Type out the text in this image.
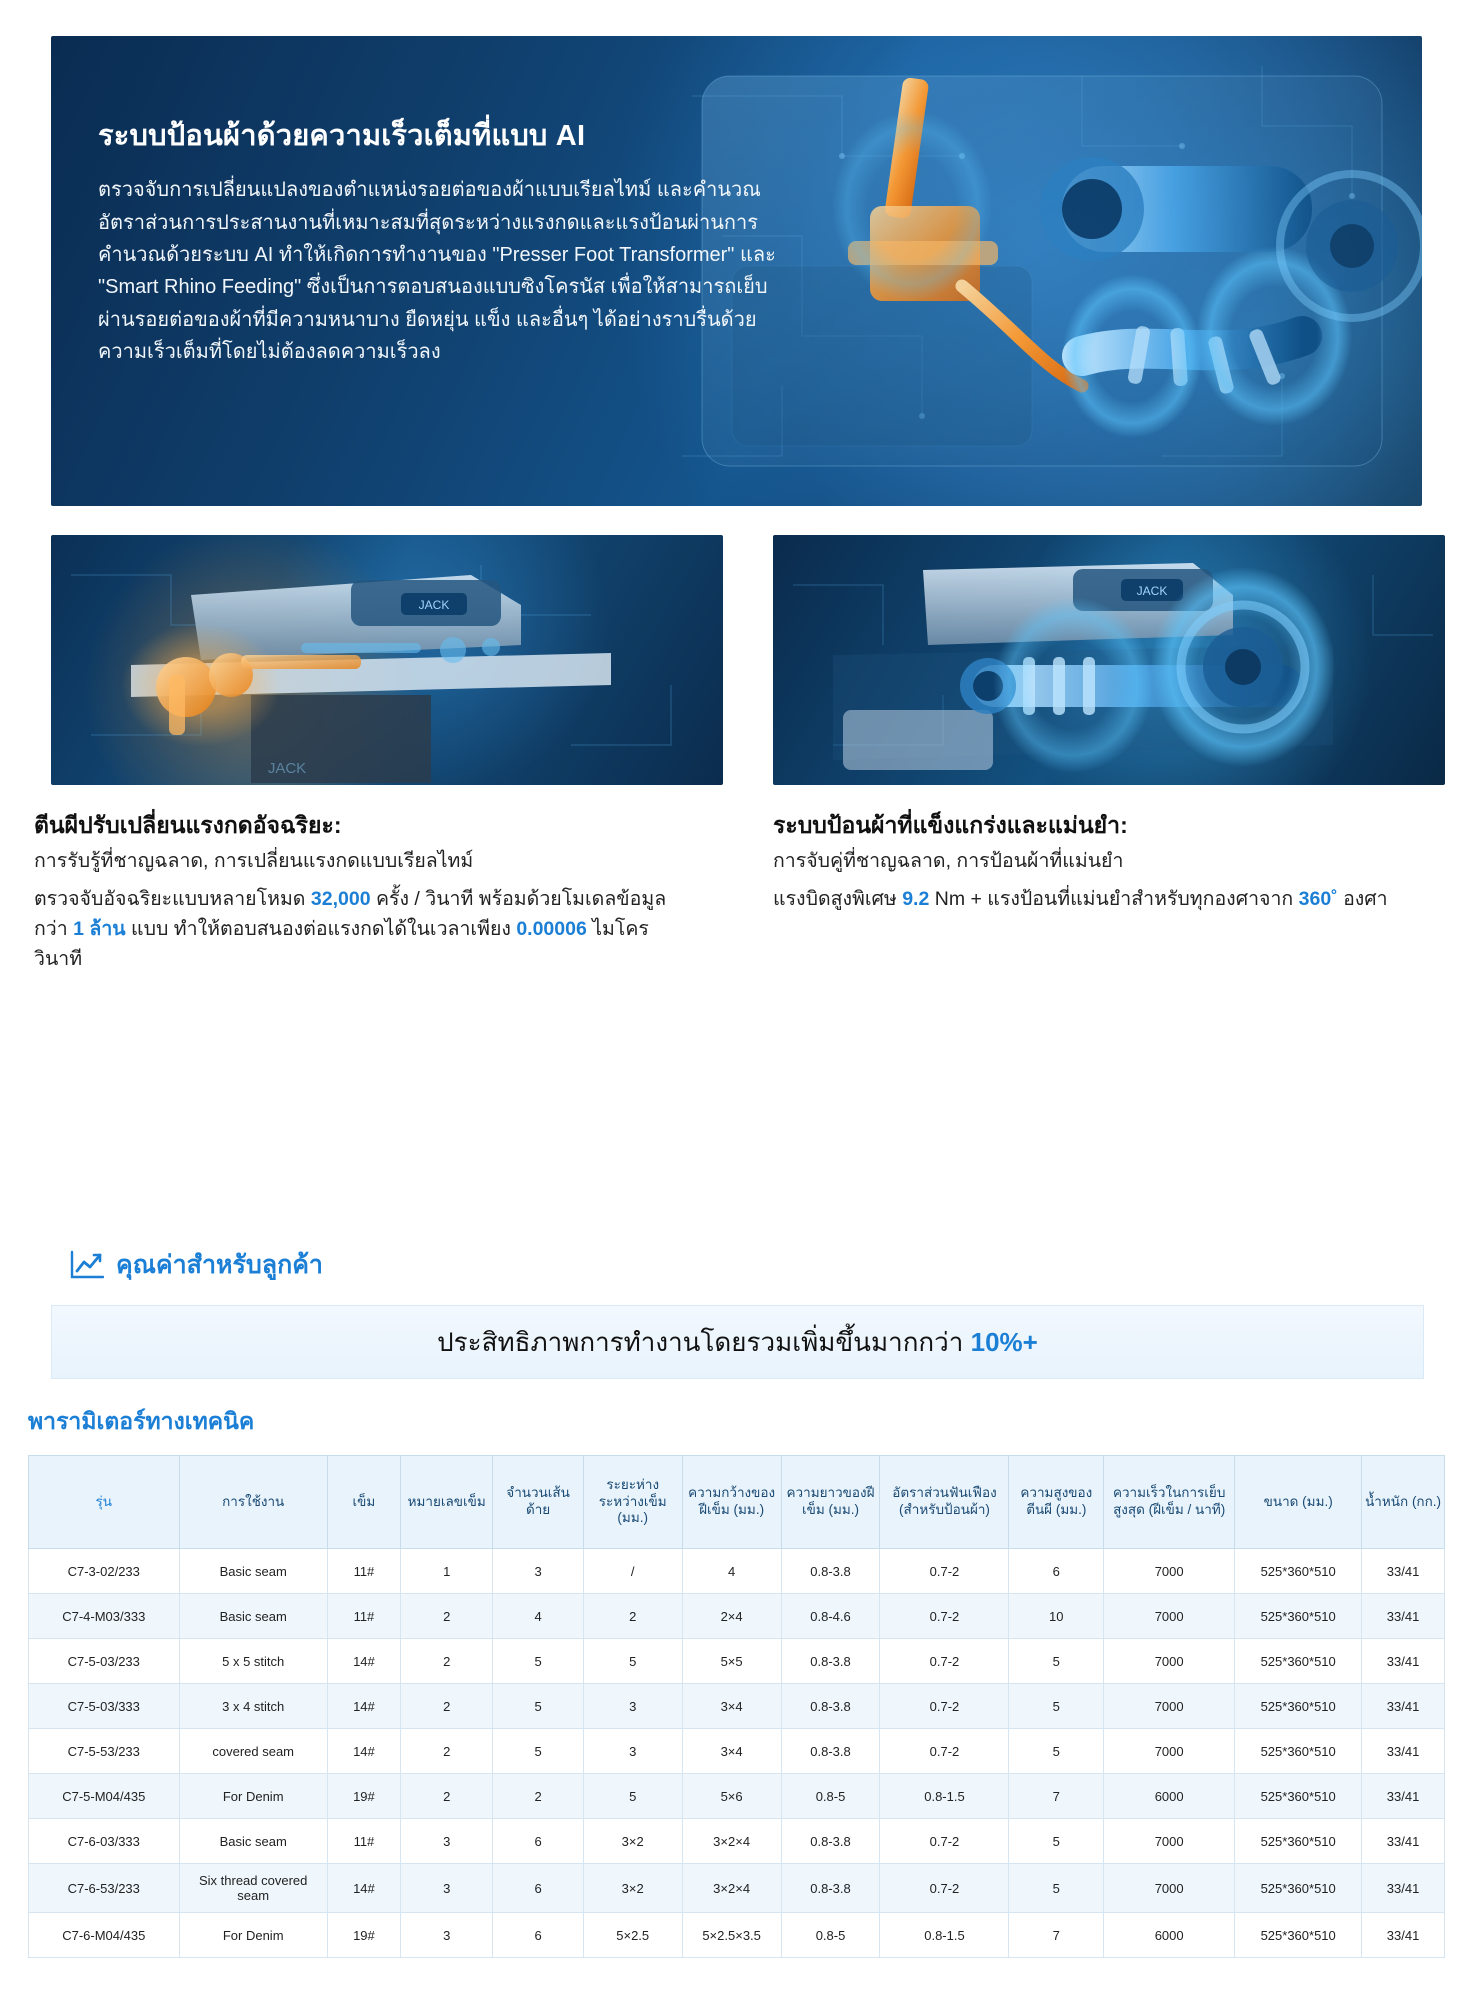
ระบบป้อนผ้าด้วยความเร็วเต็มที่แบบ AI

ตรวจจับการเปลี่ยนแปลงของตำแหน่งรอยต่อของผ้าแบบเรียลไทม์ และคำนวณอัตราส่วนการประสานงานที่เหมาะสมที่สุดระหว่างแรงกดและแรงป้อนผ่านการคำนวณด้วยระบบ AI ทำให้เกิดการทำงานของ "Presser Foot Transformer" และ "Smart Rhino Feeding" ซึ่งเป็นการตอบสนองแบบซิงโครนัส เพื่อให้สามารถเย็บผ่านรอยต่อของผ้าที่มีความหนาบาง ยืดหยุ่น แข็ง และอื่นๆ ได้อย่างราบรื่นด้วยความเร็วเต็มที่โดยไม่ต้องลดความเร็วลง

JACK
JACK
JACK
ตีนผีปรับเปลี่ยนแรงกดอัจฉริยะ:
การรับรู้ที่ชาญฉลาด, การเปลี่ยนแรงกดแบบเรียลไทม์
ตรวจจับอัจฉริยะแบบหลายโหมด 32,000 ครั้ง / วินาที พร้อมด้วยโมเดลข้อมูลกว่า 1 ล้าน แบบ ทำให้ตอบสนองต่อแรงกดได้ในเวลาเพียง 0.00006 ไมโครวินาที
ระบบป้อนผ้าที่แข็งแกร่งและแม่นยำ:
การจับคู่ที่ชาญฉลาด, การป้อนผ้าที่แม่นยำ
แรงบิดสูงพิเศษ 9.2 Nm + แรงป้อนที่แม่นยำสำหรับทุกองศาจาก 360˚ องศา
คุณค่าสำหรับลูกค้า
ประสิทธิภาพการทำงานโดยรวมเพิ่มขึ้นมากกว่า 10%+
พารามิเตอร์ทางเทคนิค
รุ่น	การใช้งาน	เข็ม	หมายเลขเข็ม	จำนวนเส้นด้าย	ระยะห่างระหว่างเข็ม (มม.)	ความกว้างของฝีเข็ม (มม.)	ความยาวของฝีเข็ม (มม.)	อัตราส่วนฟันเฟือง (สำหรับป้อนผ้า)	ความสูงของตีนผี (มม.)	ความเร็วในการเย็บสูงสุด (ฝีเข็ม / นาที)	ขนาด (มม.)	น้ำหนัก (กก.)
C7-3-02/233	Basic seam	11#	1	3	/	4	0.8-3.8	0.7-2	6	7000	525*360*510	33/41
C7-4-M03/333	Basic seam	11#	2	4	2	2×4	0.8-4.6	0.7-2	10	7000	525*360*510	33/41
C7-5-03/233	5 x 5 stitch	14#	2	5	5	5×5	0.8-3.8	0.7-2	5	7000	525*360*510	33/41
C7-5-03/333	3 x 4 stitch	14#	2	5	3	3×4	0.8-3.8	0.7-2	5	7000	525*360*510	33/41
C7-5-53/233	covered seam	14#	2	5	3	3×4	0.8-3.8	0.7-2	5	7000	525*360*510	33/41
C7-5-M04/435	For Denim	19#	2	2	5	5×6	0.8-5	0.8-1.5	7	6000	525*360*510	33/41
C7-6-03/333	Basic seam	11#	3	6	3×2	3×2×4	0.8-3.8	0.7-2	5	7000	525*360*510	33/41
C7-6-53/233	Six thread covered seam	14#	3	6	3×2	3×2×4	0.8-3.8	0.7-2	5	7000	525*360*510	33/41
C7-6-M04/435	For Denim	19#	3	6	5×2.5	5×2.5×3.5	0.8-5	0.8-1.5	7	6000	525*360*510	33/41
